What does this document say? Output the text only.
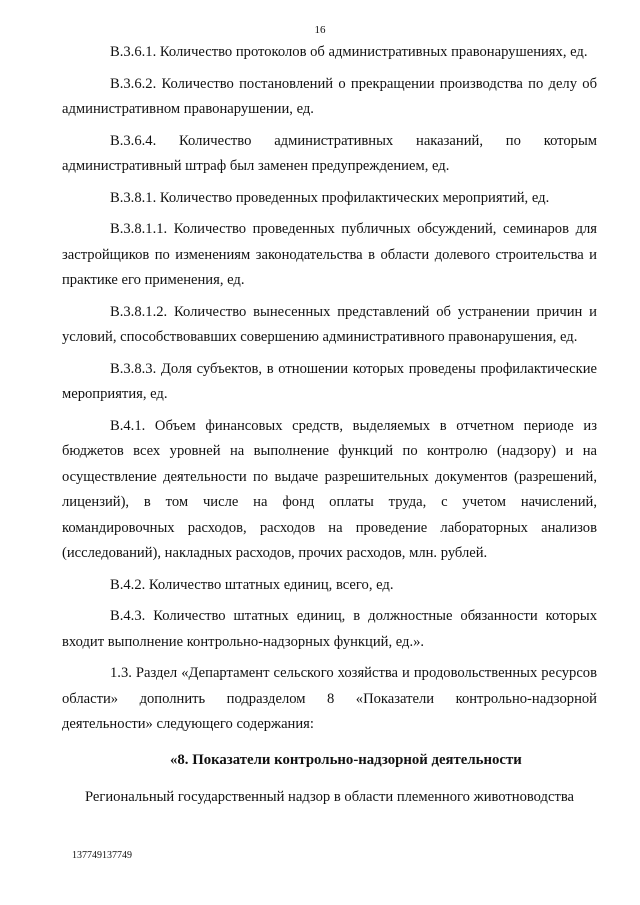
16

В.3.6.1. Количество протоколов об административных правонарушениях, ед.

В.3.6.2. Количество постановлений о прекращении производства по делу об административном правонарушении, ед.

В.3.6.4. Количество административных наказаний, по которым административный штраф был заменен предупреждением, ед.

В.3.8.1. Количество проведенных профилактических мероприятий, ед.

В.3.8.1.1. Количество проведенных публичных обсуждений, семинаров для застройщиков по изменениям законодательства в области долевого строительства и практике его применения, ед.

В.3.8.1.2. Количество вынесенных представлений об устранении причин и условий, способствовавших совершению административного правонарушения, ед.

В.3.8.3. Доля субъектов, в отношении которых проведены профилактические мероприятия, ед.

В.4.1. Объем финансовых средств, выделяемых в отчетном периоде из бюджетов всех уровней на выполнение функций по контролю (надзору) и на осуществление деятельности по выдаче разрешительных документов (разрешений, лицензий), в том числе на фонд оплаты труда, с учетом начислений, командировочных расходов, расходов на проведение лабораторных анализов (исследований), накладных расходов, прочих расходов, млн. рублей.

В.4.2. Количество штатных единиц, всего, ед.

В.4.3. Количество штатных единиц, в должностные обязанности которых входит выполнение контрольно-надзорных функций, ед.».

1.3. Раздел «Департамент сельского хозяйства и продовольственных ресурсов области» дополнить подразделом 8 «Показатели контрольно-надзорной деятельности» следующего содержания:

«8. Показатели контрольно-надзорной деятельности

Региональный государственный надзор в области племенного животноводства

137749137749
